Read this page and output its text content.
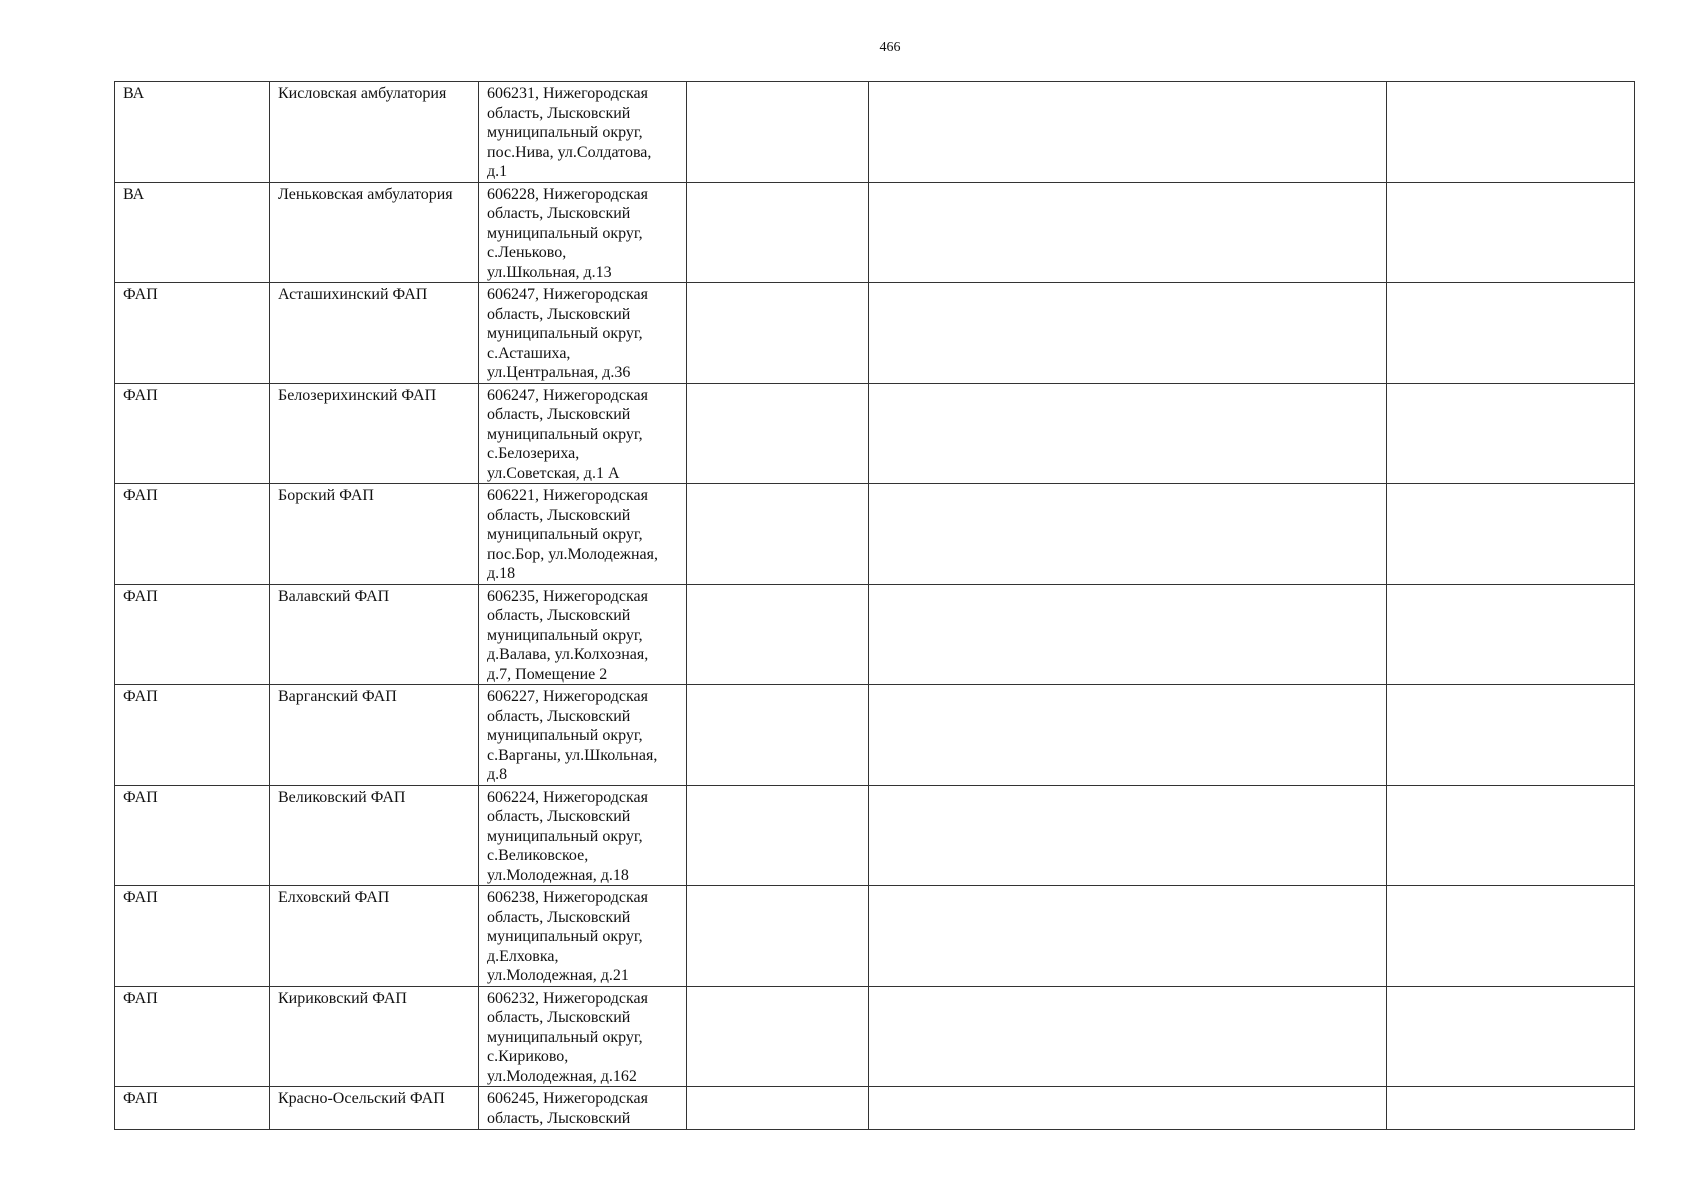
466
ВА	Кисловская амбулатория	606231, Нижегородская
область, Лысковский
муниципальный округ,
пос.Нива, ул.Солдатова,
д.1			
ВА	Леньковская амбулатория	606228, Нижегородская
область, Лысковский
муниципальный округ,
с.Леньково,
ул.Школьная, д.13			
ФАП	Асташихинский ФАП	606247, Нижегородская
область, Лысковский
муниципальный округ,
с.Асташиха,
ул.Центральная, д.36			
ФАП	Белозерихинский ФАП	606247, Нижегородская
область, Лысковский
муниципальный округ,
с.Белозериха,
ул.Советская, д.1 А			
ФАП	Борский ФАП	606221, Нижегородская
область, Лысковский
муниципальный округ,
пос.Бор, ул.Молодежная,
д.18			
ФАП	Валавский ФАП	606235, Нижегородская
область, Лысковский
муниципальный округ,
д.Валава, ул.Колхозная,
д.7, Помещение 2			
ФАП	Варганский ФАП	606227, Нижегородская
область, Лысковский
муниципальный округ,
с.Варганы, ул.Школьная,
д.8			
ФАП	Великовский ФАП	606224, Нижегородская
область, Лысковский
муниципальный округ,
с.Великовское,
ул.Молодежная, д.18			
ФАП	Елховский ФАП	606238, Нижегородская
область, Лысковский
муниципальный округ,
д.Елховка,
ул.Молодежная, д.21			
ФАП	Кириковский ФАП	606232, Нижегородская
область, Лысковский
муниципальный округ,
с.Кириково,
ул.Молодежная, д.162			
ФАП	Красно-Осельский ФАП	606245, Нижегородская
область, Лысковский			
